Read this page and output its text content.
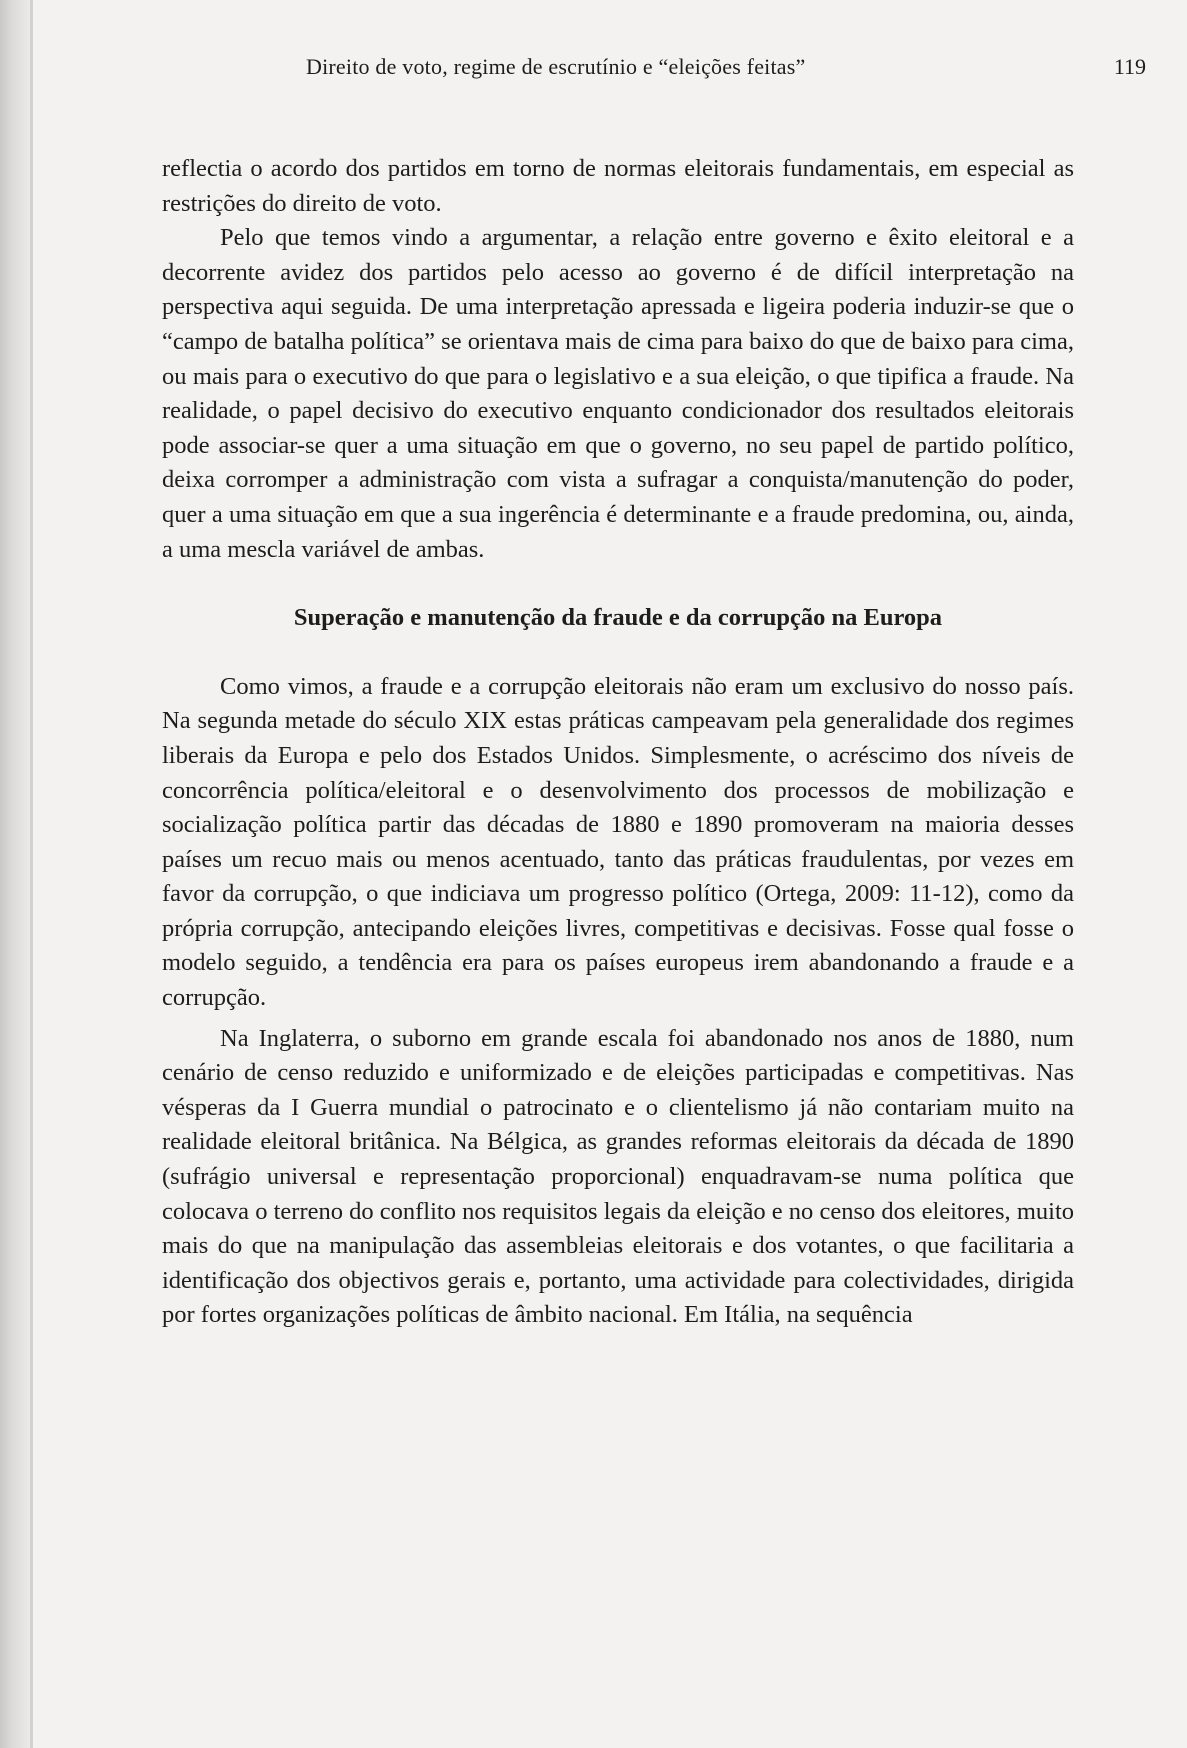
Direito de voto, regime de escrutínio e “eleições feitas”	119

reflectia o acordo dos partidos em torno de normas eleitorais fundamentais, em especial as restrições do direito de voto.

Pelo que temos vindo a argumentar, a relação entre governo e êxito eleitoral e a decorrente avidez dos partidos pelo acesso ao governo é de difícil interpretação na perspectiva aqui seguida. De uma interpretação apressada e ligeira poderia induzir-se que o “campo de batalha política” se orientava mais de cima para baixo do que de baixo para cima, ou mais para o executivo do que para o legislativo e a sua eleição, o que tipifica a fraude. Na realidade, o papel decisivo do executivo enquanto condicionador dos resultados eleitorais pode associar-se quer a uma situação em que o governo, no seu papel de partido político, deixa corromper a administração com vista a sufragar a conquista/manutenção do poder, quer a uma situação em que a sua ingerência é determinante e a fraude predomina, ou, ainda, a uma mescla variável de ambas.

Superação e manutenção da fraude e da corrupção na Europa

Como vimos, a fraude e a corrupção eleitorais não eram um exclusivo do nosso país. Na segunda metade do século XIX estas práticas campeavam pela generalidade dos regimes liberais da Europa e pelo dos Estados Unidos. Simplesmente, o acréscimo dos níveis de concorrência política/eleitoral e o desenvolvimento dos processos de mobilização e socialização política partir das décadas de 1880 e 1890 promoveram na maioria desses países um recuo mais ou menos acentuado, tanto das práticas fraudulentas, por vezes em favor da corrupção, o que indiciava um progresso político (Ortega, 2009: 11-12), como da própria corrupção, antecipando eleições livres, competitivas e decisivas. Fosse qual fosse o modelo seguido, a tendência era para os países europeus irem abandonando a fraude e a corrupção.

Na Inglaterra, o suborno em grande escala foi abandonado nos anos de 1880, num cenário de censo reduzido e uniformizado e de eleições participadas e competitivas. Nas vésperas da I Guerra mundial o patrocinato e o clientelismo já não contariam muito na realidade eleitoral britânica. Na Bélgica, as grandes reformas eleitorais da década de 1890 (sufrágio universal e representação proporcional) enquadravam-se numa política que colocava o terreno do conflito nos requisitos legais da eleição e no censo dos eleitores, muito mais do que na manipulação das assembleias eleitorais e dos votantes, o que facilitaria a identificação dos objectivos gerais e, portanto, uma actividade para colectividades, dirigida por fortes organizações políticas de âmbito nacional. Em Itália, na sequência
